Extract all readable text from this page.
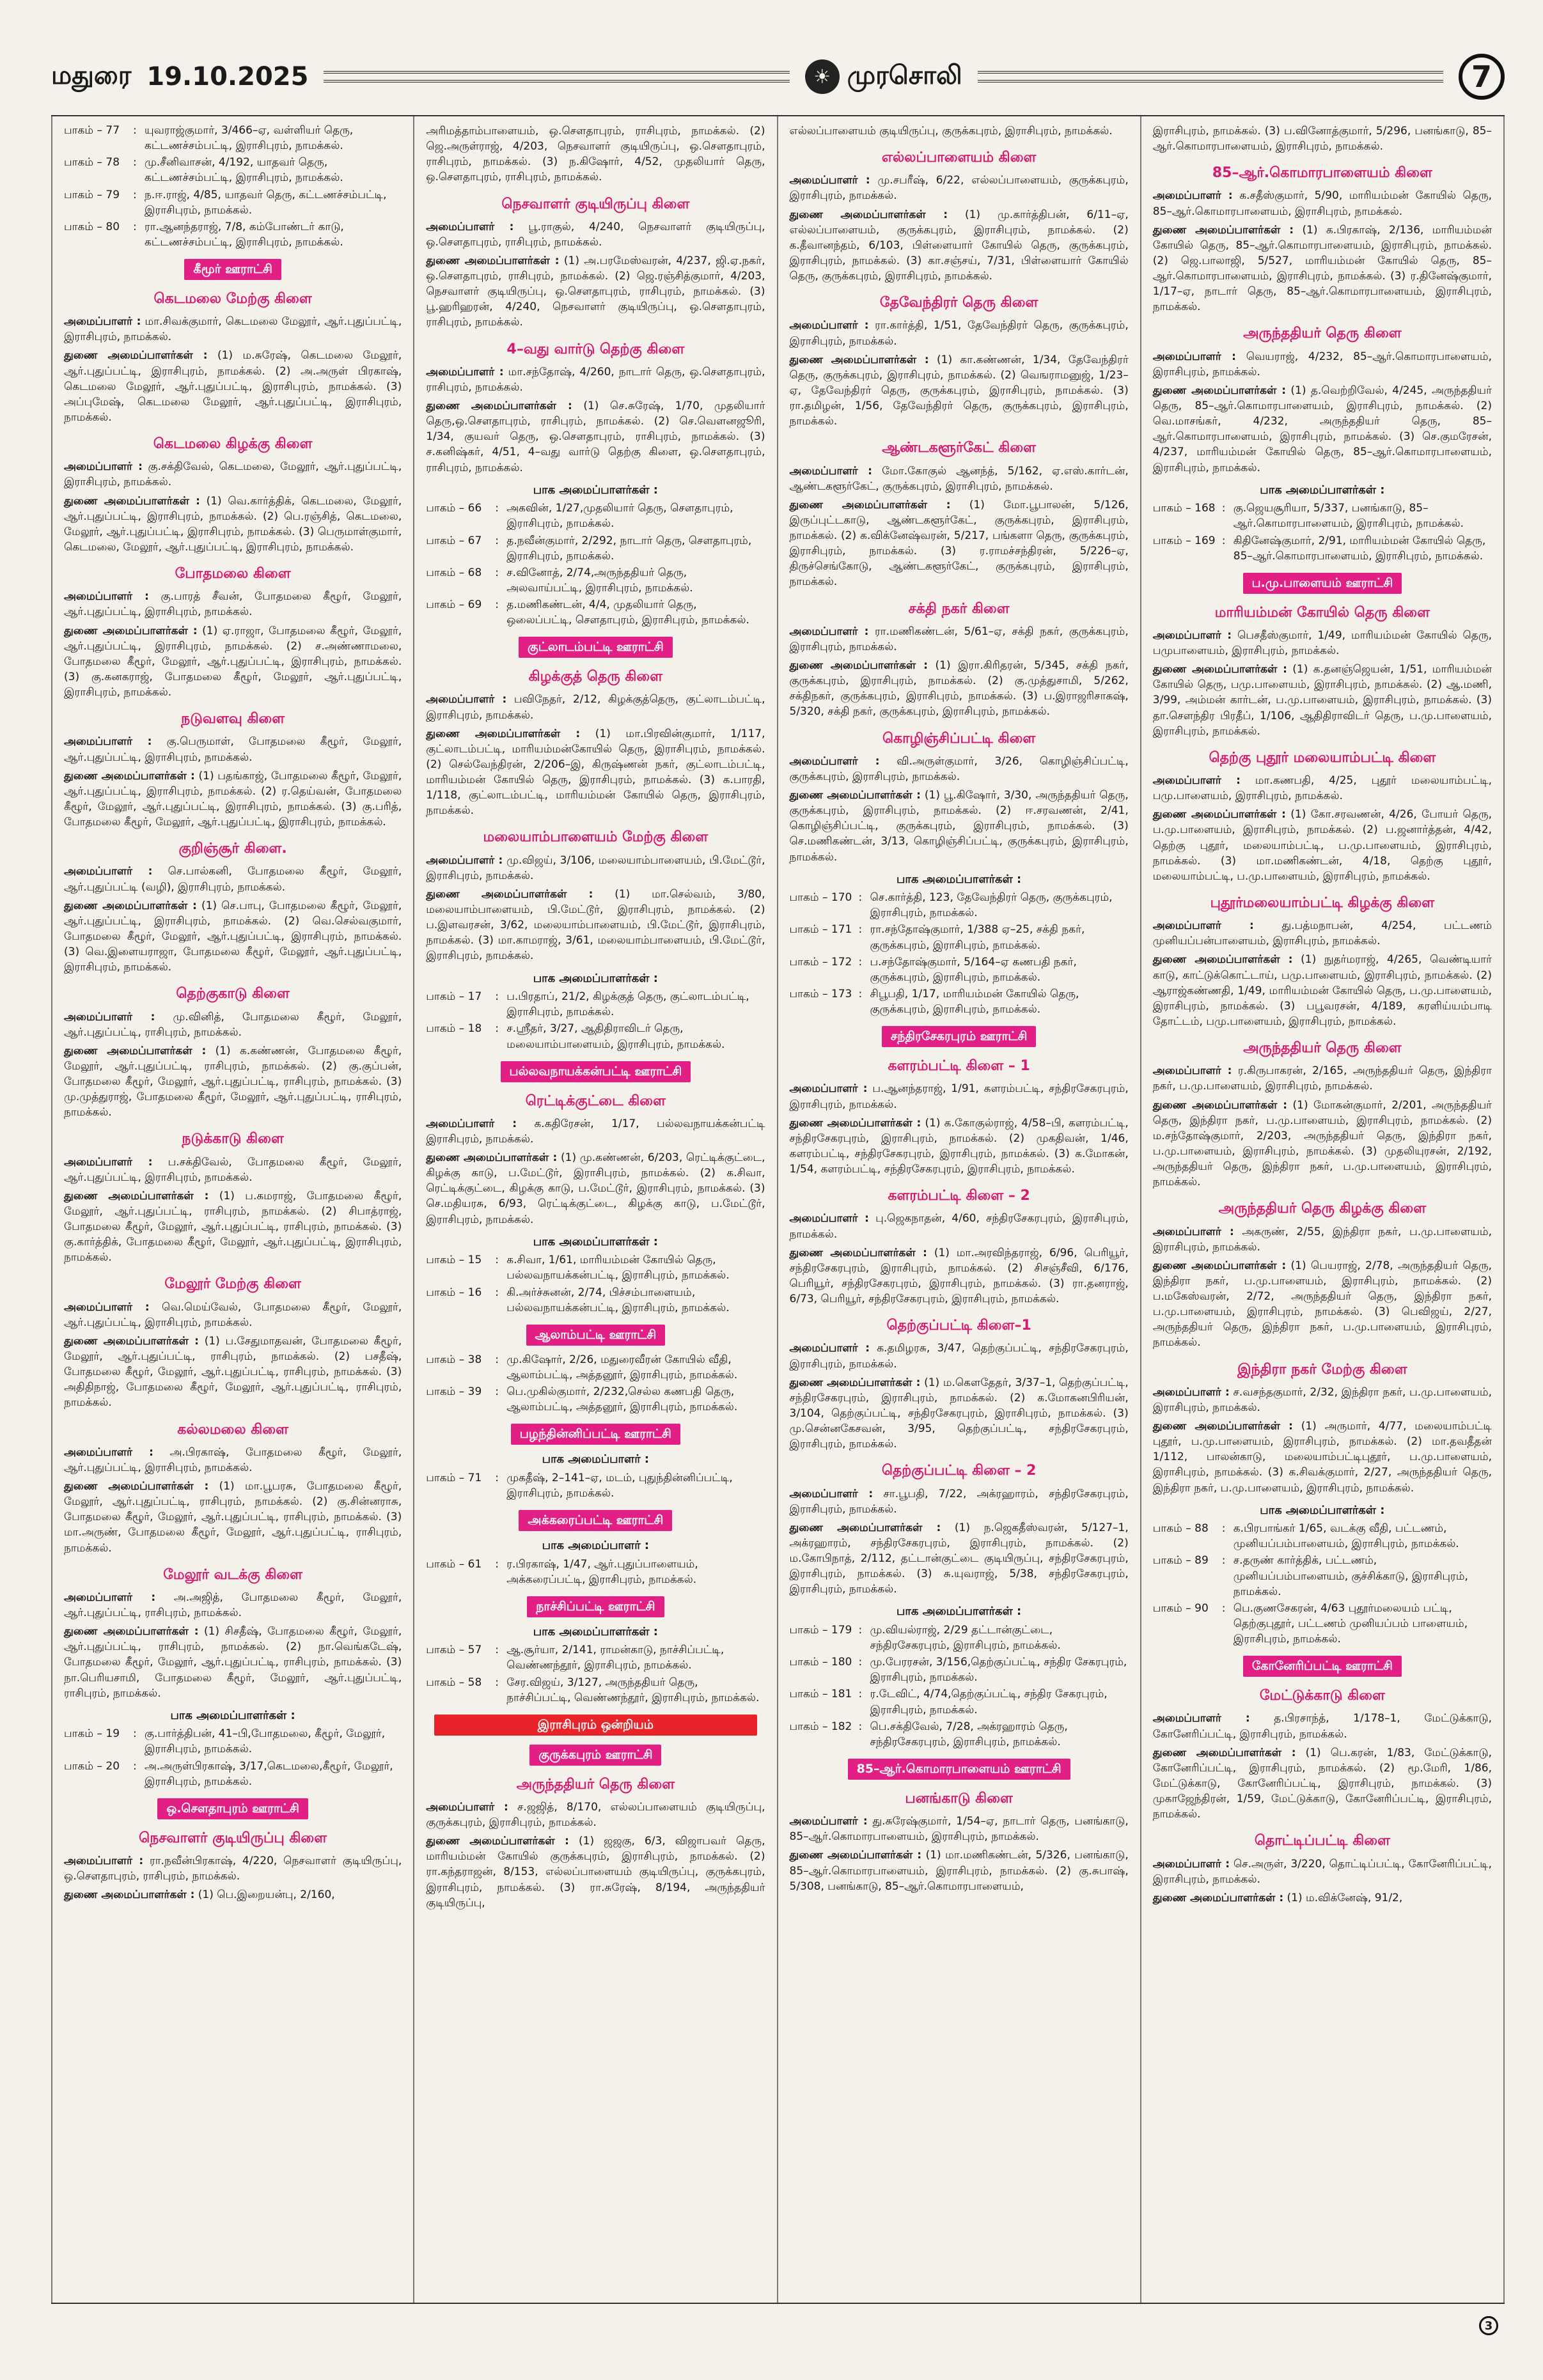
மதுரை 19.10.2025	☀ முரசொலி	7
பாகம் – 77	: யுவராஜ்குமார், 3/466–ஏ, வள்ளியர் தெரு, கட்டணச்சம்பட்டி, இராசிபுரம், நாமக்கல்.
பாகம் – 78	: மு.சீனிவாசன், 4/192, யாதவர் தெரு, கட்டணச்சம்பட்டி, இராசிபுரம், நாமக்கல்.
பாகம் – 79	: ந.ஈ.ராஜ், 4/85, யாதவர் தெரு, கட்டணச்சம்பட்டி, இராசிபுரம், நாமக்கல்.
பாகம் – 80	: ரா.ஆனந்தராஜ், 7/8, கம்போண்டர் காடு, கட்டணச்சம்பட்டி, இராசிபுரம், நாமக்கல்.
கீமூர் ஊராட்சி
கெடமலை மேற்கு கிளை
அமைப்பாளர் : மா.சிவக்குமார், கெடமலை மேலூர், ஆர்.புதுப்பட்டி, இராசிபுரம், நாமக்கல்.
துணை அமைப்பாளர்கள் : (1) ம.சுரேஷ், கெடமலை மேலூர், ஆர்.புதுப்பட்டி, இராசிபுரம், நாமக்கல். (2) அ.அருள் பிரகாஷ், கெடமலை மேலூர், ஆர்.புதுப்பட்டி, இராசிபுரம், நாமக்கல். (3) அப்புமேஷ், கெடமலை மேலூர், ஆர்.புதுப்பட்டி, இராசிபுரம், நாமக்கல்.
கெடமலை கிழக்கு கிளை
அமைப்பாளர் : கு.சக்திவேல், கெடமலை, மேலூர், ஆர்.புதுப்பட்டி, இராசிபுரம், நாமக்கல்.
துணை அமைப்பாளர்கள் : (1) வெ.கார்த்திக், கெடமலை, மேலூர், ஆர்.புதுப்பட்டி, இராசிபுரம், நாமக்கல். (2) பெ.ரஞ்சித், கெடமலை, மேலூர், ஆர்.புதுப்பட்டி, இராசிபுரம், நாமக்கல். (3) பெருமாள்குமார், கெடமலை, மேலூர், ஆர்.புதுப்பட்டி, இராசிபுரம், நாமக்கல்.
போதமலை கிளை
அமைப்பாளர் : கு.பாரத் சீவன், போதமலை கீழூர், மேலூர், ஆர்.புதுப்பட்டி, இராசிபுரம், நாமக்கல்.
துணை அமைப்பாளர்கள் : (1) ஏ.ராஜா, போதமலை கீழூர், மேலூர், ஆர்.புதுப்பட்டி, இராசிபுரம், நாமக்கல். (2) ச.அண்ணாமலை, போதமலை கீழூர், மேலூர், ஆர்.புதுப்பட்டி, இராசிபுரம், நாமக்கல். (3) கு.கனகராஜ், போதமலை கீழூர், மேலூர், ஆர்.புதுப்பட்டி, இராசிபுரம், நாமக்கல்.
நடுவளவு கிளை
அமைப்பாளர் : கு.பெருமாள், போதமலை கீழூர், மேலூர், ஆர்.புதுப்பட்டி, இராசிபுரம், நாமக்கல்.
துணை அமைப்பாளர்கள் : (1) பதங்காஜ், போதமலை கீழூர், மேலூர், ஆர்.புதுப்பட்டி, இராசிபுரம், நாமக்கல். (2) ர.தெய்வன், போதமலை கீழூர், மேலூர், ஆர்.புதுப்பட்டி, இராசிபுரம், நாமக்கல். (3) கு.பரித், போதமலை கீழூர், மேலூர், ஆர்.புதுப்பட்டி, இராசிபுரம், நாமக்கல்.
குறிஞ்சூர் கிளை.
அமைப்பாளர் : செ.பால்கனி, போதமலை கீழூர், மேலூர், ஆர்.புதுப்பட்டி (வழி), இராசிபுரம், நாமக்கல்.
துணை அமைப்பாளர்கள் : (1) செ.பாபு, போதமலை கீழூர், மேலூர், ஆர்.புதுப்பட்டி, இராசிபுரம், நாமக்கல். (2) வெ.செல்வகுமார், போதமலை கீழூர், மேலூர், ஆர்.புதுப்பட்டி, இராசிபுரம், நாமக்கல். (3) வெ.இளையராஜா, போதமலை கீழூர், மேலூர், ஆர்.புதுப்பட்டி, இராசிபுரம், நாமக்கல்.
தெற்குகாடு கிளை
அமைப்பாளர் : மு.வினித், போதமலை கீழூர், மேலூர், ஆர்.புதுப்பட்டி, ராசிபுரம், நாமக்கல்.
துணை அமைப்பாளர்கள் : (1) க.கண்ணன், போதமலை கீழூர், மேலூர், ஆர்.புதுப்பட்டி, ராசிபுரம், நாமக்கல். (2) கு.குப்பன், போதமலை கீழூர், மேலூர், ஆர்.புதுப்பட்டி, ராசிபுரம், நாமக்கல். (3) மு.முத்துராஜ், போதமலை கீழூர், மேலூர், ஆர்.புதுப்பட்டி, ராசிபுரம், நாமக்கல்.
நடுக்காடு கிளை
அமைப்பாளர் : ப.சக்திவேல், போதமலை கீழூர், மேலூர், ஆர்.புதுப்பட்டி, இராசிபுரம், நாமக்கல்.
துணை அமைப்பாளர்கள் : (1) ப.கமராஜ், போதமலை கீழூர், மேலூர், ஆர்.புதுப்பட்டி, ராசிபுரம், நாமக்கல். (2) சிபாத்ராஜ், போதமலை கீழூர், மேலூர், ஆர்.புதுப்பட்டி, ராசிபுரம், நாமக்கல். (3) கு.கார்த்திக், போதமலை கீழூர், மேலூர், ஆர்.புதுப்பட்டி, இராசிபுரம், நாமக்கல்.
மேலூர் மேற்கு கிளை
அமைப்பாளர் : வெ.மெய்வேல், போதமலை கீழூர், மேலூர், ஆர்.புதுப்பட்டி, இராசிபுரம், நாமக்கல்.
துணை அமைப்பாளர்கள் : (1) ப.சேதுமாதவன், போதமலை கீழூர், மேலூர், ஆர்.புதுப்பட்டி, ராசிபுரம், நாமக்கல். (2) பசதீஷ், போதமலை கீழூர், மேலூர், ஆர்.புதுப்பட்டி, ராசிபுரம், நாமக்கல். (3) அதிதிநாஜ், போதமலை கீழூர், மேலூர், ஆர்.புதுப்பட்டி, ராசிபுரம், நாமக்கல்.
கல்லமலை கிளை
அமைப்பாளர் : அ.பிரகாஷ், போதமலை கீழூர், மேலூர், ஆர்.புதுப்பட்டி, இராசிபுரம், நாமக்கல்.
துணை அமைப்பாளர்கள் : (1) மா.பூபரசு, போதமலை கீழூர், மேலூர், ஆர்.புதுப்பட்டி, ராசிபுரம், நாமக்கல். (2) கு.சின்னராசு, போதமலை கீழூர், மேலூர், ஆர்.புதுப்பட்டி, ராசிபுரம், நாமக்கல். (3) மா.அருண், போதமலை கீழூர், மேலூர், ஆர்.புதுப்பட்டி, ராசிபுரம், நாமக்கல்.
மேலூர் வடக்கு கிளை
அமைப்பாளர் : அ.அஜித், போதமலை கீழூர், மேலூர், ஆர்.புதுப்பட்டி, ராசிபுரம், நாமக்கல்.
துணை அமைப்பாளர்கள் : (1) சிசதீஷ், போதமலை கீழூர், மேலூர், ஆர்.புதுப்பட்டி, ராசிபுரம், நாமக்கல். (2) நா.வெங்கடேஷ், போதமலை கீழூர், மேலூர், ஆர்.புதுப்பட்டி, ராசிபுரம், நாமக்கல். (3) நா.பெரியசாமி, போதமலை கீழூர், மேலூர், ஆர்.புதுப்பட்டி, ராசிபுரம், நாமக்கல்.
பாக அமைப்பாளர்கள் :
பாகம் – 19	: கு.பார்த்திபன், 41–பி,போதமலை, கீழூர், மேலூர், இராசிபுரம், நாமக்கல்.
பாகம் – 20	: அ.அருள்பிரகாஷ், 3/17,கெடமலை,கீழூர், மேலூர், இராசிபுரம், நாமக்கல்.
ஒ.சௌதாபுரம் ஊராட்சி
நெசவாளர் குடியிருப்பு கிளை
அமைப்பாளர் : ரா.நவீன்பிரகாஷ், 4/220, நெசவாளர் குடியிருப்பு, ஒ.சௌதாபுரம், ராசிபுரம், நாமக்கல்.
துணை அமைப்பாளர்கள் : (1) பெ.இறையன்பு, 2/160,
அரிமத்தாம்பாளையம், ஒ.சௌதாபுரம், ராசிபுரம், நாமக்கல். (2) ஜெ.அருள்ராஜ், 4/203, நெசவாளர் குடியிருப்பு, ஒ.சௌதாபுரம், ராசிபுரம், நாமக்கல். (3) ந.கிஷோர், 4/52, முதலியார் தெரு, ஒ.சௌதாபுரம், ராசிபுரம், நாமக்கல்.
நெசவாளர் குடியிருப்பு கிளை
அமைப்பாளர் : பூ.ராகுல், 4/240, நெசவாளர் குடியிருப்பு, ஒ.சௌதாபுரம், ராசிபுரம், நாமக்கல்.
துணை அமைப்பாளர்கள் : (1) அ.பரமேஸ்வரன், 4/237, ஜி.ஏ.நகர், ஒ.சௌதாபுரம், ராசிபுரம், நாமக்கல். (2) ஜெ.ரஞ்சித்குமார், 4/203, நெசவாளர் குடியிருப்பு, ஒ.சௌதாபுரம், ராசிபுரம், நாமக்கல். (3) பூ.ஹரிஹரன், 4/240, நெசவாளர் குடியிருப்பு, ஒ.சௌதாபுரம், ராசிபுரம், நாமக்கல்.
4–வது வார்டு தெற்கு கிளை
அமைப்பாளர் : மா.சந்தோஷ், 4/260, நாடார் தெரு, ஒ.சௌதாபுரம், ராசிபுரம், நாமக்கல்.
துணை அமைப்பாளர்கள் : (1) செ.சுரேஷ், 1/70, முதலியார் தெரு,ஒ.சௌதாபுரம், ராசிபுரம், நாமக்கல். (2) செ.வெளனஜூரி, 1/34, குயவர் தெரு, ஒ.சௌதாபுரம், ராசிபுரம், நாமக்கல். (3) ச.கனிஷ்கர், 4/51, 4–வது வார்டு தெற்கு கிளை, ஒ.சௌதாபுரம், ராசிபுரம், நாமக்கல்.
பாக அமைப்பாளர்கள் :
பாகம் – 66	: அகவின், 1/27,முதலியார் தெரு, சௌதாபுரம், இராசிபுரம், நாமக்கல்.
பாகம் – 67	: த.நவீன்குமார், 2/292, நாடார் தெரு, சௌதாபுரம், இராசிபுரம், நாமக்கல்.
பாகம் – 68	: ச.வினோத், 2/74,அருந்ததியர் தெரு, அலவாய்பட்டி, இராசிபுரம், நாமக்கல்.
பாகம் – 69	: த.மணிகண்டன், 4/4, முதலியார் தெரு, ஒலைப்பட்டி, சௌதாபுரம், இராசிபுரம், நாமக்கல்.
குட்லாடம்பட்டி ஊராட்சி
கிழக்குத் தெரு கிளை
அமைப்பாளர் : பவிநேதர், 2/12, கிழக்குத்தெரு, குட்லாடம்பட்டி, இராசிபுரம், நாமக்கல்.
துணை அமைப்பாளர்கள் : (1) மா.பிரவின்குமார், 1/117, குட்லாடம்பட்டி, மாரியம்மன்கோயில் தெரு, இராசிபுரம், நாமக்கல். (2) செல்வேந்திரன், 2/206–இ, கிருஷ்ணன் நகர், குட்லாடம்பட்டி, மாரியம்மன் கோயில் தெரு, இராசிபுரம், நாமக்கல். (3) க.பாரதி, 1/118, குட்லாடம்பட்டி, மாரியம்மன் கோயில் தெரு, இராசிபுரம், நாமக்கல்.
மலையாம்பாளையம் மேற்கு கிளை
அமைப்பாளர் : மு.விஜய், 3/106, மலையாம்பாளையம், பி.மேட்டூர், இராசிபுரம், நாமக்கல்.
துணை அமைப்பாளர்கள் : (1) மா.செல்வம், 3/80, மலையாம்பாளையம், பி.மேட்டூர், இராசிபுரம், நாமக்கல். (2) ப.இளவரசன், 3/62, மலையாம்பாளையம், பி.மேட்டூர், இராசிபுரம், நாமக்கல். (3) மா.காமராஜ், 3/61, மலையாம்பாளையம், பி.மேட்டூர், இராசிபுரம், நாமக்கல்.
பாக அமைப்பாளர்கள் :
பாகம் – 17	: ப.பிரதாப், 21/2, கிழக்குத் தெரு, குட்லாடம்பட்டி, இராசிபுரம், நாமக்கல்.
பாகம் – 18	: ச.ஸ்ரீதர், 3/27, ஆதிதிராவிடர் தெரு, மலையாம்பாளையம், இராசிபுரம், நாமக்கல்.
பல்லவநாயக்கன்பட்டி ஊராட்சி
ரெட்டிக்குட்டை கிளை
அமைப்பாளர் : க.கதிரேசன், 1/17, பல்லவநாயக்கன்பட்டி இராசிபுரம், நாமக்கல்.
துணை அமைப்பாளர்கள் : (1) மு.கண்ணன், 6/203, ரெட்டிக்குட்டை, கிழக்கு காடு, ப.மேட்டூர், இராசிபுரம், நாமக்கல். (2) க.சிவா, ரெட்டிக்குட்டை, கிழக்கு காடு, ப.மேட்டூர், இராசிபுரம், நாமக்கல். (3) செ.மதியரசு, 6/93, ரெட்டிக்குட்டை, கிழக்கு காடு, ப.மேட்டூர், இராசிபுரம், நாமக்கல்.
பாக அமைப்பாளர்கள் :
பாகம் – 15	: க.சிவா, 1/61, மாரியம்மன் கோயில் தெரு, பல்லவநாயக்கன்பட்டி, இராசிபுரம், நாமக்கல்.
பாகம் – 16	: கி.அர்ச்சுனன், 2/74, பிச்சம்பாளையம், பல்லவநாயக்கன்பட்டி, இராசிபுரம், நாமக்கல்.
ஆலாம்பட்டி ஊராட்சி
பாகம் – 38	: மு.கிஷோர், 2/26, மதுரைவீரன் கோயில் வீதி, ஆலாம்பட்டி, அத்தனூர், இராசிபுரம், நாமக்கல்.
பாகம் – 39	: பெ.முகில்குமார், 2/232,செல்ல கணபதி தெரு, ஆலாம்பட்டி, அத்தனூர், இராசிபுரம், நாமக்கல்.
பழந்தின்னிப்பட்டி ஊராட்சி
பாக அமைப்பாளர் :
பாகம் – 71	: முகதீஷ், 2–141–ஏ, மடம், புதுந்தின்னிப்பட்டி, இராசிபுரம், நாமக்கல்.
அக்கரைப்பட்டி ஊராட்சி
பாக அமைப்பாளர் :
பாகம் – 61	: ர.பிரகாஷ், 1/47, ஆர்.புதுப்பாளையம், அக்கரைப்பட்டி, இராசிபுரம், நாமக்கல்.
நாச்சிப்பட்டி ஊராட்சி
பாக அமைப்பாளர்கள் :
பாகம் – 57	: ஆ.சூர்யா, 2/141, ராமன்காடு, நாச்சிப்பட்டி, வெண்ணந்தூர், இராசிபுரம், நாமக்கல்.
பாகம் – 58	: சேர.விஜய், 3/127, அருந்ததியர் தெரு, நாச்சிப்பட்டி, வெண்ணந்தூர், இராசிபுரம், நாமக்கல்.
இராசிபுரம் ஒன்றியம்
குருக்கபுரம் ஊராட்சி
அருந்ததியர் தெரு கிளை
அமைப்பாளர் : ச.ஜஜித், 8/170, எல்லப்பாளையம் குடியிருப்பு, குருக்கபுரம், இராசிபுரம், நாமக்கல்.
துணை அமைப்பாளர்கள் : (1) ஜஜகு, 6/3, விஜாபவர் தெரு, மாரியம்மன் கோயில் குருக்கபுரம், இராசிபுரம், நாமக்கல். (2) ரா.கந்தராஜன், 8/153, எல்லப்பாளையம் குடியிருப்பு, குருக்கபுரம், இராசிபுரம், நாமக்கல். (3) ரா.சுரேஷ், 8/194, அருந்ததியர் குடியிருப்பு,
எல்லப்பாளையம் குடியிருப்பு, குருக்கபுரம், இராசிபுரம், நாமக்கல்.
எல்லப்பாளையம் கிளை
அமைப்பாளர் : மு.சபரீஷ், 6/22, எல்லப்பாளையம், குருக்கபுரம், இராசிபுரம், நாமக்கல்.
துணை அமைப்பாளர்கள் : (1) மு.கார்த்திபன், 6/11–ஏ, எல்லப்பாளையம், குருக்கபுரம், இராசிபுரம், நாமக்கல். (2) க.தீவானந்தம், 6/103, பிள்ளையார் கோயில் தெரு, குருக்கபுரம், இராசிபுரம், நாமக்கல். (3) கா.சஞ்சய், 7/31, பிள்ளையார் கோயில் தெரு, குருக்கபுரம், இராசிபுரம், நாமக்கல்.
தேவேந்திரர் தெரு கிளை
அமைப்பாளர் : ரா.கார்த்தி, 1/51, தேவேந்திரர் தெரு, குருக்கபுரம், இராசிபுரம், நாமக்கல்.
துணை அமைப்பாளர்கள் : (1) கா.கண்ணன், 1/34, தேவேந்திரர் தெரு, குருக்கபுரம், இராசிபுரம், நாமக்கல். (2) வெஙராமனுஜ், 1/23–ஏ, தேவேந்திரர் தெரு, குருக்கபுரம், இராசிபுரம், நாமக்கல். (3) ரா.தமிழன், 1/56, தேவேந்திரர் தெரு, குருக்கபுரம், இராசிபுரம், நாமக்கல்.
ஆண்டகளூர்கேட் கிளை
அமைப்பாளர் : மோ.கோகுல் ஆனந்த், 5/162, ஏ.எஸ்.கார்டன், ஆண்டகளூர்கேட், குருக்கபுரம், இராசிபுரம், நாமக்கல்.
துணை அமைப்பாளர்கள் : (1) மோ.பூபாலன், 5/126, இருப்புட்டகாடு, ஆண்டகளூர்கேட், குருக்கபுரம், இராசிபுரம், நாமக்கல். (2) க.விக்னேஷ்வரன், 5/217, பங்களா தெரு, குருக்கபுரம், இராசிபுரம், நாமக்கல். (3) ர.ராமச்சந்திரன், 5/226–ஏ, திருச்செங்கோடு, ஆண்டகளூர்கேட், குருக்கபுரம், இராசிபுரம், நாமக்கல்.
சக்தி நகர் கிளை
அமைப்பாளர் : ரா.மணிகண்டன், 5/61–ஏ, சக்தி நகர், குருக்கபுரம், இராசிபுரம், நாமக்கல்.
துணை அமைப்பாளர்கள் : (1) இரா.கிரிதரன், 5/345, சக்தி நகர், குருக்கபுரம், இராசிபுரம், நாமக்கல். (2) கு.முத்துசாமி, 5/262, சக்திநகர், குருக்கபுரம், இராசிபுரம், நாமக்கல். (3) ப.இராஜரிசாகஷ், 5/320, சக்தி நகர், குருக்கபுரம், இராசிபுரம், நாமக்கல்.
கொழிஞ்சிப்பட்டி கிளை
அமைப்பாளர் : வி.அருள்குமார், 3/26, கொழிஞ்சிப்பட்டி, குருக்கபுரம், இராசிபுரம், நாமக்கல்.
துணை அமைப்பாளர்கள் : (1) பூ.கிஷோர், 3/30, அருந்ததியர் தெரு, குருக்கபுரம், இராசிபுரம், நாமக்கல். (2) ஈ.சரவணன், 2/41, கொழிஞ்சிப்பட்டி, குருக்கபுரம், இராசிபுரம், நாமக்கல். (3) செ.மணிகண்டன், 3/13, கொழிஞ்சிப்பட்டி, குருக்கபுரம், இராசிபுரம், நாமக்கல்.
பாக அமைப்பாளர்கள் :
பாகம் – 170 : செ.கார்த்தி, 123, தேவேந்திரர் தெரு, குருக்கபுரம், இராசிபுரம், நாமக்கல்.
பாகம் – 171 : ரா.சந்தோஷ்குமார், 1/388 ஏ–25, சக்தி நகர், குருக்கபுரம், இராசிபுரம், நாமக்கல்.
பாகம் – 172 : ப.சந்தோஷ்குமார், 5/164–ஏ கணபதி நகர், குருக்கபுரம், இராசிபுரம், நாமக்கல்.
பாகம் – 173 : சிபூபதி, 1/17, மாரியம்மன் கோயில் தெரு, குருக்கபுரம், இராசிபுரம், நாமக்கல்.
சந்திரசேகரபுரம் ஊராட்சி
களரம்பட்டி கிளை – 1
அமைப்பாளர் : ப.ஆனந்தராஜ், 1/91, களரம்பட்டி, சந்திரசேகரபுரம், இராசிபுரம், நாமக்கல்.
துணை அமைப்பாளர்கள் : (1) க.கோகுல்ராஜ், 4/58–பி, களரம்பட்டி, சந்திரசேகரபுரம், இராசிபுரம், நாமக்கல். (2) முகதிவன், 1/46, களரம்பட்டி, சந்திரசேகரபுரம், இராசிபுரம், நாமக்கல். (3) க.மோகன், 1/54, களரம்பட்டி, சந்திரசேகரபுரம், இராசிபுரம், நாமக்கல்.
களரம்பட்டி கிளை – 2
அமைப்பாளர் : பு.ஜெகநாதன், 4/60, சந்திரசேகரபுரம், இராசிபுரம், நாமக்கல்.
துணை அமைப்பாளர்கள் : (1) மா.அரவிந்தராஜ், 6/96, பெரியூர், சந்திரசேகரபுரம், இராசிபுரம், நாமக்கல். (2) சிசஞ்சீவி, 6/176, பெரியூர், சந்திரசேகரபுரம், இராசிபுரம், நாமக்கல். (3) ரா.தனராஜ், 6/73, பெரியூர், சந்திரசேகரபுரம், இராசிபுரம், நாமக்கல்.
தெற்குப்பட்டி கிளை–1
அமைப்பாளர் : க.தமிழரசு, 3/47, தெற்குப்பட்டி, சந்திரசேகரபுரம், இராசிபுரம், நாமக்கல்.
துணை அமைப்பாளர்கள் : (1) ம.கௌதேதர், 3/37–1, தெற்குப்பட்டி, சந்திரசேகரபுரம், இராசிபுரம், நாமக்கல். (2) க.மோகனபிரியன், 3/104, தெற்குப்பட்டி, சந்திரசேகரபுரம், இராசிபுரம், நாமக்கல். (3) மு.சென்னகேசவன், 3/95, தெற்குப்பட்டி, சந்திரசேகரபுரம், இராசிபுரம், நாமக்கல்.
தெற்குப்பட்டி கிளை – 2
அமைப்பாளர் : சா.பூபதி, 7/22, அக்ரஹாரம், சந்திரசேகரபுரம், இராசிபுரம், நாமக்கல்.
துணை அமைப்பாளர்கள் : (1) ந.ஜெகதீஸ்வரன், 5/127–1, அக்ரஹாரம், சந்திரசேகரபுரம், இராசிபுரம், நாமக்கல். (2) ம.கோபிநாத், 2/112, தட்டான்குட்டை குடியிருப்பு, சந்திரசேகரபுரம், இராசிபுரம், நாமக்கல். (3) சு.யுவராஜ், 5/38, சந்திரசேகரபுரம், இராசிபுரம், நாமக்கல்.
பாக அமைப்பாளர்கள் :
பாகம் – 179 : மு.வியல்ராஜ், 2/29 தட்டான்குட்டை, சந்திரசேகரபுரம், இராசிபுரம், நாமக்கல்.
பாகம் – 180 : மு.பேரரசன், 3/156,தெற்குப்பட்டி, சந்திர சேகரபுரம், இராசிபுரம், நாமக்கல்.
பாகம் – 181 : ர.டேவிட், 4/74,தெற்குப்பட்டி, சந்திர சேகரபுரம், இராசிபுரம், நாமக்கல்.
பாகம் – 182 : பெ.சக்திவேல், 7/28, அக்ரஹாரம் தெரு, சந்திரசேகரபுரம், இராசிபுரம், நாமக்கல்.
85–ஆர்.கொமாரபாளையம் ஊராட்சி
பனங்காடு கிளை
அமைப்பாளர் : து.சுரேஷ்குமார், 1/54–ஏ, நாடார் தெரு, பனங்காடு, 85–ஆர்.கொமாரபாளையம், இராசிபுரம், நாமக்கல்.
துணை அமைப்பாளர்கள் : (1) மா.மணிகண்டன், 5/326, பனங்காடு, 85–ஆர்.கொமாரபாளையம், இராசிபுரம், நாமக்கல். (2) கு.சுபாஷ், 5/308, பனங்காடு, 85–ஆர்.கொமாரபாளையம்,
இராசிபுரம், நாமக்கல். (3) ப.வினோத்குமார், 5/296, பனங்காடு, 85–ஆர்.கொமாரபாளையம், இராசிபுரம், நாமக்கல்.
85–ஆர்.கொமாரபாளையம் கிளை
அமைப்பாளர் : க.சதீஸ்குமார், 5/90, மாரியம்மன் கோயில் தெரு, 85–ஆர்.கொமாரபாளையம், இராசிபுரம், நாமக்கல்.
துணை அமைப்பாளர்கள் : (1) க.பிரகாஷ், 2/136, மாரியம்மன் கோயில் தெரு, 85–ஆர்.கொமாரபாளையம், இராசிபுரம், நாமக்கல். (2) ஜெ.பாலாஜி, 5/527, மாரியம்மன் கோயில் தெரு, 85–ஆர்.கொமாரபாளையம், இராசிபுரம், நாமக்கல். (3) ர.தினேஷ்குமார், 1/17–ஏ, நாடார் தெரு, 85–ஆர்.கொமாரபாளையம், இராசிபுரம், நாமக்கல்.
அருந்ததியர் தெரு கிளை
அமைப்பாளர் : வெயராஜ், 4/232, 85–ஆர்.கொமாரபாளையம், இராசிபுரம், நாமக்கல்.
துணை அமைப்பாளர்கள் : (1) த.வெற்றிவேல், 4/245, அருந்ததியர் தெரு, 85–ஆர்.கொமாரபாளையம், இராசிபுரம், நாமக்கல். (2) வெ.மாசங்கர், 4/232, அருந்ததியர் தெரு, 85–ஆர்.கொமாரபாளையம், இராசிபுரம், நாமக்கல். (3) செ.குமரேசன், 4/237, மாரியம்மன் கோயில் தெரு, 85–ஆர்.கொமாரபாளையம், இராசிபுரம், நாமக்கல்.
பாக அமைப்பாளர்கள் :
பாகம் – 168 : கு.ஜெயசூரியா, 5/337, பனங்காடு, 85–ஆர்.கொமாரபாளையம், இராசிபுரம், நாமக்கல்.
பாகம் – 169 : கிதினேஷ்குமார், 2/91, மாரியம்மன் கோயில் தெரு, 85–ஆர்.கொமாரபாளையம், இராசிபுரம், நாமக்கல்.
ப.மு.பாளையம் ஊராட்சி
மாரியம்மன் கோயில் தெரு கிளை
அமைப்பாளர் : பெசதீஸ்குமார், 1/49, மாரியம்மன் கோயில் தெரு, பமுபாளையம், இராசிபுரம், நாமக்கல்.
துணை அமைப்பாளர்கள் : (1) க.தனஞ்ஜெயன், 1/51, மாரியம்மன் கோயில் தெரு, பமு.பாளையம், இராசிபுரம், நாமக்கல். (2) ஆ.மணி, 3/99, அம்மன் கார்டன், ப.மு.பாளையம், இராசிபுரம், நாமக்கல். (3) தா.சௌந்திர பிரதீப், 1/106, ஆதிதிராவிடர் தெரு, ப.மு.பாளையம், இராசிபுரம், நாமக்கல்.
தெற்கு புதூர் மலையாம்பட்டி கிளை
அமைப்பாளர் : மா.கணபதி, 4/25, புதூர் மலையாம்பட்டி, பமு.பாளையம், இராசிபுரம், நாமக்கல்.
துணை அமைப்பாளர்கள் : (1) கோ.சரவணன், 4/26, போயர் தெரு, ப.மு.பாளையம், இராசிபுரம், நாமக்கல். (2) ப.ஜனார்த்தன், 4/42, தெற்கு புதூர், மலையாம்பட்டி, ப.மு.பாளையம், இராசிபுரம், நாமக்கல். (3) மா.மணிகண்டன், 4/18, தெற்கு புதூர், மலையாம்பட்டி, ப.மு.பாளையம், இராசிபுரம், நாமக்கல்.
புதூர்மலையாம்பட்டி கிழக்கு கிளை
அமைப்பாளர் :	து.பத்மநாபன், 4/254, பட்டணம் முனியப்பன்பாளையம், இராசிபுரம், நாமக்கல்.
துணை அமைப்பாளர்கள் : (1) நுதர்மராஜ், 4/265, வெண்டியார் காடு, காட்டுக்கொட்டாய், பமு.பாளையம், இராசிபுரம், நாமக்கல். (2) ஆராஜ்கண்ணதி, 1/49, மாரியம்மன் கோயில் தெரு, ப.மு.பாளையம், இராசிபுரம், நாமக்கல். (3) பபூவரசன், 4/189, கரளிய்யம்பாடி தோட்டம், பமு.பாளையம், இராசிபுரம், நாமக்கல்.
அருந்ததியர் தெரு கிளை
அமைப்பாளர் : ர.கிருபாகரன், 2/165, அருந்ததியர் தெரு, இந்திரா நகர், ப.மு.பாளையம், இராசிபுரம், நாமக்கல்.
துணை அமைப்பாளர்கள் : (1) மோகன்குமார், 2/201, அருந்ததியர் தெரு, இந்திரா நகர், ப.மு.பாளையம், இராசிபுரம், நாமக்கல். (2) ம.சந்தோஷ்குமார், 2/203, அருந்ததியர் தெரு, இந்திரா நகர், ப.மு.பாளையம், இராசிபுரம், நாமக்கல். (3) முதலியுரசன், 2/192, அருந்ததியர் தெரு, இந்திரா நகர், ப.மு.பாளையம், இராசிபுரம், நாமக்கல்.
அருந்ததியர் தெரு கிழக்கு கிளை
அமைப்பாளர் : அகருண், 2/55, இந்திரா நகர், ப.மு.பாளையம், இராசிபுரம், நாமக்கல்.
துணை அமைப்பாளர்கள் : (1) பெயராஜ், 2/78, அருந்ததியர் தெரு, இந்திரா நகர், ப.மு.பாளையம், இராசிபுரம், நாமக்கல். (2) ப.மகேஸ்வரன், 2/72, அருந்ததியர் தெரு, இந்திரா நகர், ப.மு.பாளையம், இராசிபுரம், நாமக்கல். (3) பெவிஜய், 2/27, அருந்ததியர் தெரு, இந்திரா நகர், ப.மு.பாளையம், இராசிபுரம், நாமக்கல்.
இந்திரா நகர் மேற்கு கிளை
அமைப்பாளர் : ச.வசந்தகுமார், 2/32, இந்திரா நகர், ப.மு.பாளையம், இராசிபுரம், நாமக்கல்.
துணை அமைப்பாளர்கள் : (1) அருமார், 4/77, மலையாம்பட்டி புதூர், ப.மு.பாளையம், இராசிபுரம், நாமக்கல். (2) மா.தவதீதன் 1/112, பாலன்காடு, மலையாம்பட்டிபுதூர், ப.மு.பாளையம், இராசிபுரம், நாமக்கல். (3) க.சிவக்குமார், 2/27, அருந்ததியர் தெரு, இந்திரா நகர், ப.மு.பாளையம், இராசிபுரம், நாமக்கல்.
பாக அமைப்பாளர்கள் :
பாகம் – 88	: க.பிரபாங்கர் 1/65, வடக்கு வீதி, பட்டணம், முனியப்பம்பாளையம், இராசிபுரம், நாமக்கல்.
பாகம் – 89	: ச.தருண் கார்த்திக், பட்டணம், முனியப்பம்பாளையம், குச்சிக்காடு, இராசிபுரம், நாமக்கல்.
பாகம் – 90	: பெ.குணசேகரன், 4/63 புதூர்மலையம் பட்டி, தெற்குபுதூர், பட்டணம் முனியப்பம் பாளையம், இராசிபுரம், நாமக்கல்.
கோனேரிப்பட்டி ஊராட்சி
மேட்டுக்காடு கிளை
அமைப்பாளர் : த.பிரசாந்த், 1/178–1, மேட்டுக்காடு, கோனேரிப்பட்டி, இராசிபுரம், நாமக்கல்.
துணை அமைப்பாளர்கள் : (1) பெ.கரன், 1/83, மேட்டுக்காடு, கோனேரிப்பட்டி, இராசிபுரம், நாமக்கல். (2) மூ.மேரி, 1/86, மேட்டுக்காடு, கோனேரிப்பட்டி, இராசிபுரம், நாமக்கல். (3) முகாஜேந்திரன், 1/59, மேட்டுக்காடு, கோனேரிப்பட்டி, இராசிபுரம், நாமக்கல்.
தொட்டிப்பட்டி கிளை
அமைப்பாளர் : செ.அருள், 3/220, தொட்டிப்பட்டி, கோனேரிப்பட்டி, இராசிபுரம், நாமக்கல்.
துணை அமைப்பாளர்கள் : (1) ம.விக்னேஷ், 91/2,
3
